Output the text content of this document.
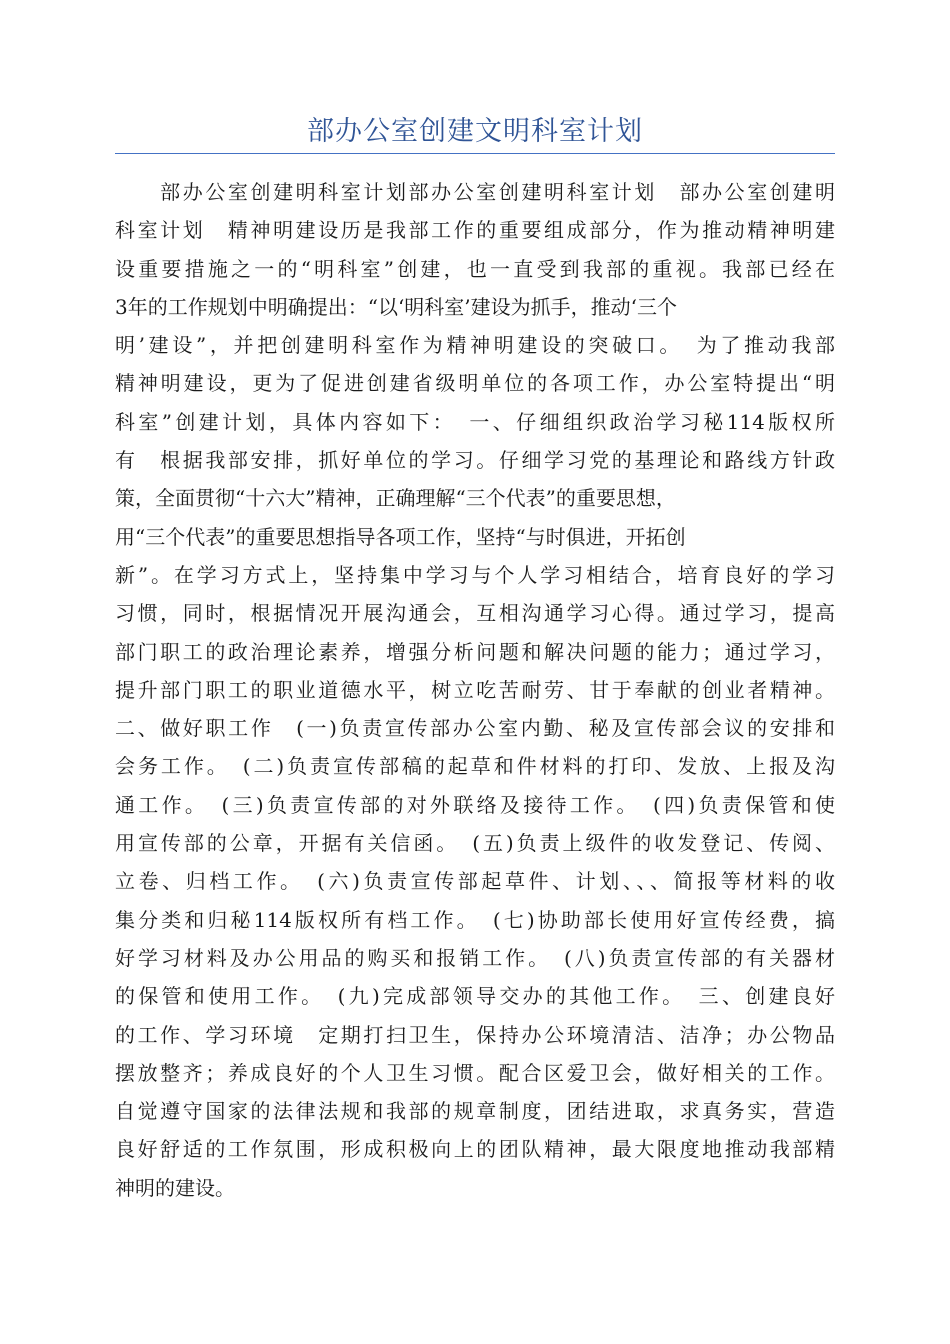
部办公室创建文明科室计划
　　部办公室创建明科室计划部办公室创建明科室计划　部办公室创建明
科室计划　精神明建设历是我部工作的重要组成部分，作为推动精神明建
设重要措施之一的“明科室”创建，也一直受到我部的重视。我部已经在
3年的工作规划中明确提出：“以‘明科室’建设为抓手，推动‘三个
明’建设”，并把创建明科室作为精神明建设的突破口。　为了推动我部
精神明建设，更为了促进创建省级明单位的各项工作，办公室特提出“明
科室”创建计划，具体内容如下：　一、仔细组织政治学习秘114版权所
有　根据我部安排，抓好单位的学习。仔细学习党的基理论和路线方针政
策，全面贯彻“十六大”精神，正确理解“三个代表”的重要思想，
用“三个代表”的重要思想指导各项工作，坚持“与时俱进，开拓创
新”。在学习方式上，坚持集中学习与个人学习相结合，培育良好的学习
习惯，同时，根据情况开展沟通会，互相沟通学习心得。通过学习，提高
部门职工的政治理论素养，增强分析问题和解决问题的能力；通过学习，
提升部门职工的职业道德水平，树立吃苦耐劳、甘于奉献的创业者精神。
二、做好职工作　(一)负责宣传部办公室内勤、秘及宣传部会议的安排和
会务工作。　(二)负责宣传部稿的起草和件材料的打印、发放、上报及沟
通工作。　(三)负责宣传部的对外联络及接待工作。　(四)负责保管和使
用宣传部的公章，开据有关信函。　(五)负责上级件的收发登记、传阅、
立卷、归档工作。　(六)负责宣传部起草件、计划、、、简报等材料的收
集分类和归秘114版权所有档工作。　(七)协助部长使用好宣传经费，搞
好学习材料及办公用品的购买和报销工作。　(八)负责宣传部的有关器材
的保管和使用工作。　(九)完成部领导交办的其他工作。　三、创建良好
的工作、学习环境　定期打扫卫生，保持办公环境清洁、洁净；办公物品
摆放整齐；养成良好的个人卫生习惯。配合区爱卫会，做好相关的工作。
自觉遵守国家的法律法规和我部的规章制度，团结进取，求真务实，营造
良好舒适的工作氛围，形成积极向上的团队精神，最大限度地推动我部精
神明的建设。
